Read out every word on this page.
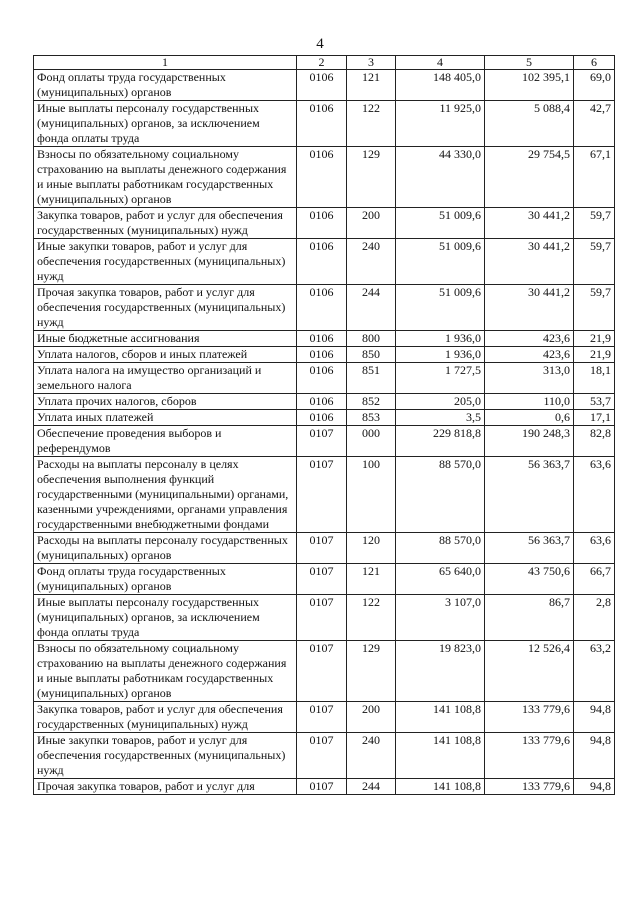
4
1	2	3	4	5	6
Фонд оплаты труда государственных (муниципальных) органов	0106	121	148 405,0	102 395,1	69,0
Иные выплаты персоналу государственных (муниципальных) органов, за исключением фонда оплаты труда	0106	122	11 925,0	5 088,4	42,7
Взносы по обязательному социальному страхованию на выплаты денежного содержания и иные выплаты работникам государственных (муниципальных) органов	0106	129	44 330,0	29 754,5	67,1
Закупка товаров, работ и услуг для обеспечения государственных (муниципальных) нужд	0106	200	51 009,6	30 441,2	59,7
Иные закупки товаров, работ и услуг для обеспечения государственных (муниципальных) нужд	0106	240	51 009,6	30 441,2	59,7
Прочая закупка товаров, работ и услуг для обеспечения государственных (муниципальных) нужд	0106	244	51 009,6	30 441,2	59,7
Иные бюджетные ассигнования	0106	800	1 936,0	423,6	21,9
Уплата налогов, сборов и иных платежей	0106	850	1 936,0	423,6	21,9
Уплата налога на имущество организаций и земельного налога	0106	851	1 727,5	313,0	18,1
Уплата прочих налогов, сборов	0106	852	205,0	110,0	53,7
Уплата иных платежей	0106	853	3,5	0,6	17,1
Обеспечение проведения выборов и референдумов	0107	000	229 818,8	190 248,3	82,8
Расходы на выплаты персоналу в целях обеспечения выполнения функций государственными (муниципальными) органами, казенными учреждениями, органами управления государственными внебюджетными фондами	0107	100	88 570,0	56 363,7	63,6
Расходы на выплаты персоналу государственных (муниципальных) органов	0107	120	88 570,0	56 363,7	63,6
Фонд оплаты труда государственных (муниципальных) органов	0107	121	65 640,0	43 750,6	66,7
Иные выплаты персоналу государственных (муниципальных) органов, за исключением фонда оплаты труда	0107	122	3 107,0	86,7	2,8
Взносы по обязательному социальному страхованию на выплаты денежного содержания и иные выплаты работникам государственных (муниципальных) органов	0107	129	19 823,0	12 526,4	63,2
Закупка товаров, работ и услуг для обеспечения государственных (муниципальных) нужд	0107	200	141 108,8	133 779,6	94,8
Иные закупки товаров, работ и услуг для обеспечения государственных (муниципальных) нужд	0107	240	141 108,8	133 779,6	94,8
Прочая закупка товаров, работ и услуг для	0107	244	141 108,8	133 779,6	94,8
